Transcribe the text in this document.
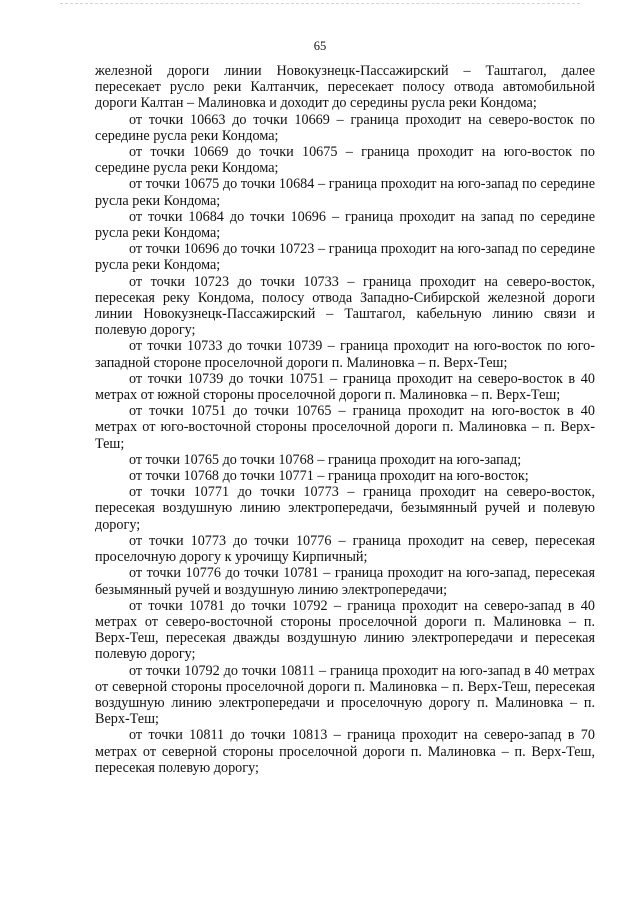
65

железной дороги линии Новокузнецк-Пассажирский – Таштагол, далее пересекает русло реки Калтанчик, пересекает полосу отвода автомобильной дороги Калтан – Малиновка и доходит до середины русла реки Кондома;

от точки 10663 до точки 10669 – граница проходит на северо-восток по середине русла реки Кондома;

от точки 10669 до точки 10675 – граница проходит на юго-восток по середине русла реки Кондома;

от точки 10675 до точки 10684 – граница проходит на юго-запад по середине русла реки Кондома;

от точки 10684 до точки 10696 – граница проходит на запад по середине русла реки Кондома;

от точки 10696 до точки 10723 – граница проходит на юго-запад по середине русла реки Кондома;

от точки 10723 до точки 10733 – граница проходит на северо-восток, пересекая реку Кондома, полосу отвода Западно-Сибирской железной дороги линии Новокузнецк-Пассажирский – Таштагол, кабельную линию связи и полевую дорогу;

от точки 10733 до точки 10739 – граница проходит на юго-восток по юго-западной стороне проселочной дороги п. Малиновка – п. Верх-Теш;

от точки 10739 до точки 10751 – граница проходит на северо-восток в 40 метрах от южной стороны проселочной дороги п. Малиновка – п. Верх-Теш;

от точки 10751 до точки 10765 – граница проходит на юго-восток в 40 метрах от юго-восточной стороны проселочной дороги п. Малиновка – п. Верх-Теш;

от точки 10765 до точки 10768 – граница проходит на юго-запад;

от точки 10768 до точки 10771 – граница проходит на юго-восток;

от точки 10771 до точки 10773 – граница проходит на северо-восток, пересекая воздушную линию электропередачи, безымянный ручей и полевую дорогу;

от точки 10773 до точки 10776 – граница проходит на север, пересекая проселочную дорогу к урочищу Кирпичный;

от точки 10776 до точки 10781 – граница проходит на юго-запад, пересекая безымянный ручей и воздушную линию электропередачи;

от точки 10781 до точки 10792 – граница проходит на северо-запад в 40 метрах от северо-восточной стороны проселочной дороги п. Малиновка – п. Верх-Теш, пересекая дважды воздушную линию электропередачи и пересекая полевую дорогу;

от точки 10792 до точки 10811 – граница проходит на юго-запад в 40 метрах от северной стороны проселочной дороги п. Малиновка – п. Верх-Теш, пересекая воздушную линию электропередачи и проселочную дорогу п. Малиновка – п. Верх-Теш;

от точки 10811 до точки 10813 – граница проходит на северо-запад в 70 метрах от северной стороны проселочной дороги п. Малиновка – п. Верх-Теш, пересекая полевую дорогу;
